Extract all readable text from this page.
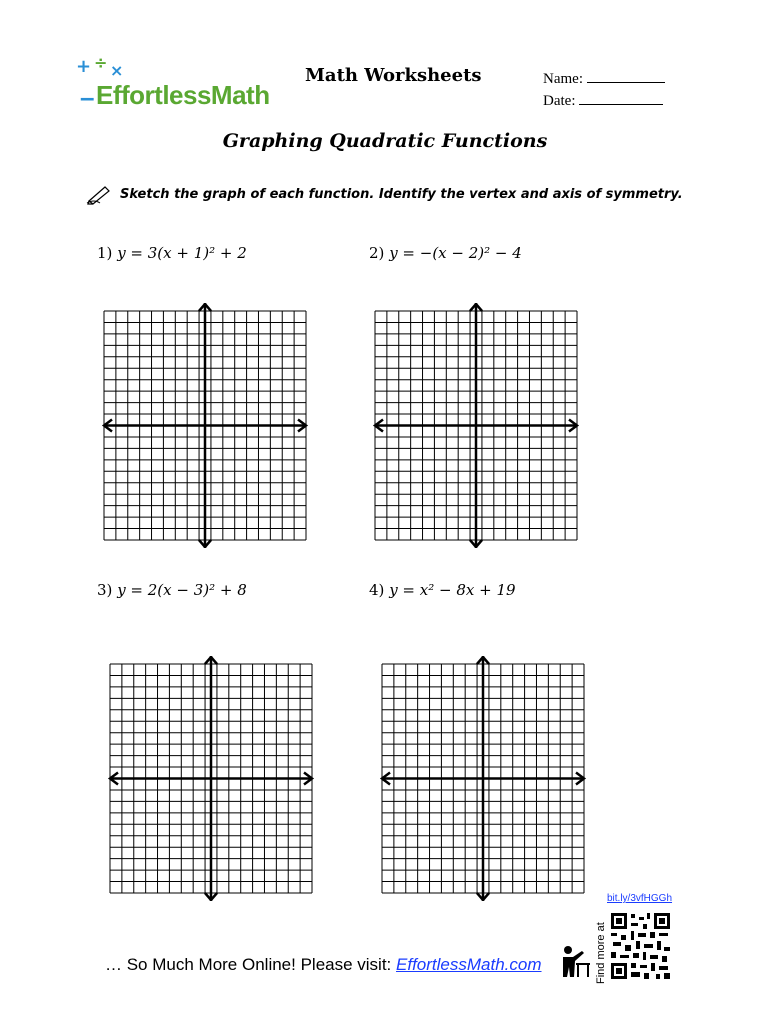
+ ÷ ×
EffortlessMath
–
Math Worksheets	Name:
Date:
Graphing Quadratic Functions
Sketch the graph of each function. Identify the vertex and axis of symmetry.
1) y = 3(x + 1)² + 2	2) y = −(x − 2)² − 4
3) y = 2(x − 3)² + 8	4) y = x² − 8x + 19
bit.ly/3vfHGGh
Find more at
… So Much More Online! Please visit: EffortlessMath.com
